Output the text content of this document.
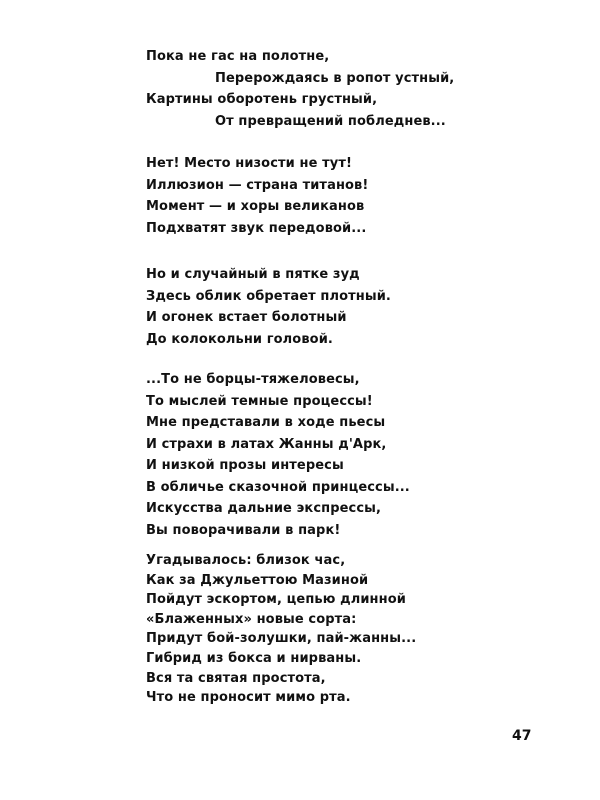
Пока не гас на полотне,
Перерождаясь в ропот устный,
Картины оборотень грустный,
От превращений побледнев...
Нет! Место низости не тут!
Иллюзион — страна титанов!
Момент — и хоры великанов
Подхватят звук передовой...
Но и случайный в пятке зуд
Здесь облик обретает плотный.
И огонек встает болотный
До колокольни головой.
...То не борцы-тяжеловесы,
То мыслей темные процессы!
Мне представали в ходе пьесы
И страхи в латах Жанны д'Арк,
И низкой прозы интересы
В обличье сказочной принцессы...
Искусства дальние экспрессы,
Вы поворачивали в парк!
Угадывалось: близок час,
Как за Джульеттою Мазиной
Пойдут эскортом, цепью длинной
«Блаженных» новые сорта:
Придут бой-золушки, пай-жанны...
Гибрид из бокса и нирваны.
Вся та святая простота,
Что не проносит мимо рта.
47
